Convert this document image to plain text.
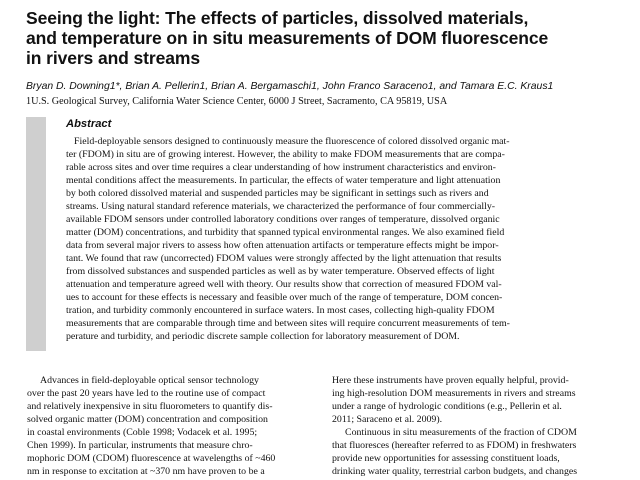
Seeing the light: The effects of particles, dissolved materials,
and temperature on in situ measurements of DOM fluorescence
in rivers and streams
Bryan D. Downing1*, Brian A. Pellerin1, Brian A. Bergamaschi1, John Franco Saraceno1, and Tamara E.C. Kraus1
1U.S. Geological Survey, California Water Science Center, 6000 J Street, Sacramento, CA 95819, USA
Abstract
Field-deployable sensors designed to continuously measure the fluorescence of colored dissolved organic mat-
ter (FDOM) in situ are of growing interest. However, the ability to make FDOM measurements that are compa-
rable across sites and over time requires a clear understanding of how instrument characteristics and environ-
mental conditions affect the measurements. In particular, the effects of water temperature and light attenuation
by both colored dissolved material and suspended particles may be significant in settings such as rivers and
streams. Using natural standard reference materials, we characterized the performance of four commercially-
available FDOM sensors under controlled laboratory conditions over ranges of temperature, dissolved organic
matter (DOM) concentrations, and turbidity that spanned typical environmental ranges. We also examined field
data from several major rivers to assess how often attenuation artifacts or temperature effects might be impor-
tant. We found that raw (uncorrected) FDOM values were strongly affected by the light attenuation that results
from dissolved substances and suspended particles as well as by water temperature. Observed effects of light
attenuation and temperature agreed well with theory. Our results show that correction of measured FDOM val-
ues to account for these effects is necessary and feasible over much of the range of temperature, DOM concen-
tration, and turbidity commonly encountered in surface waters. In most cases, collecting high-quality FDOM
measurements that are comparable through time and between sites will require concurrent measurements of tem-
perature and turbidity, and periodic discrete sample collection for laboratory measurement of DOM.
Advances in field-deployable optical sensor technology
over the past 20 years have led to the routine use of compact
and relatively inexpensive in situ fluorometers to quantify dis-
solved organic matter (DOM) concentration and composition
in coastal environments (Coble 1998; Vodacek et al. 1995;
Chen 1999). In particular, instruments that measure chro-
mophoric DOM (CDOM) fluorescence at wavelengths of ~460
nm in response to excitation at ~370 nm have proven to be a
Here these instruments have proven equally helpful, provid-
ing high-resolution DOM measurements in rivers and streams
under a range of hydrologic conditions (e.g., Pellerin et al.
2011; Saraceno et al. 2009).
Continuous in situ measurements of the fraction of CDOM
that fluoresces (hereafter referred to as FDOM) in freshwaters
provide new opportunities for assessing constituent loads,
drinking water quality, terrestrial carbon budgets, and changes
